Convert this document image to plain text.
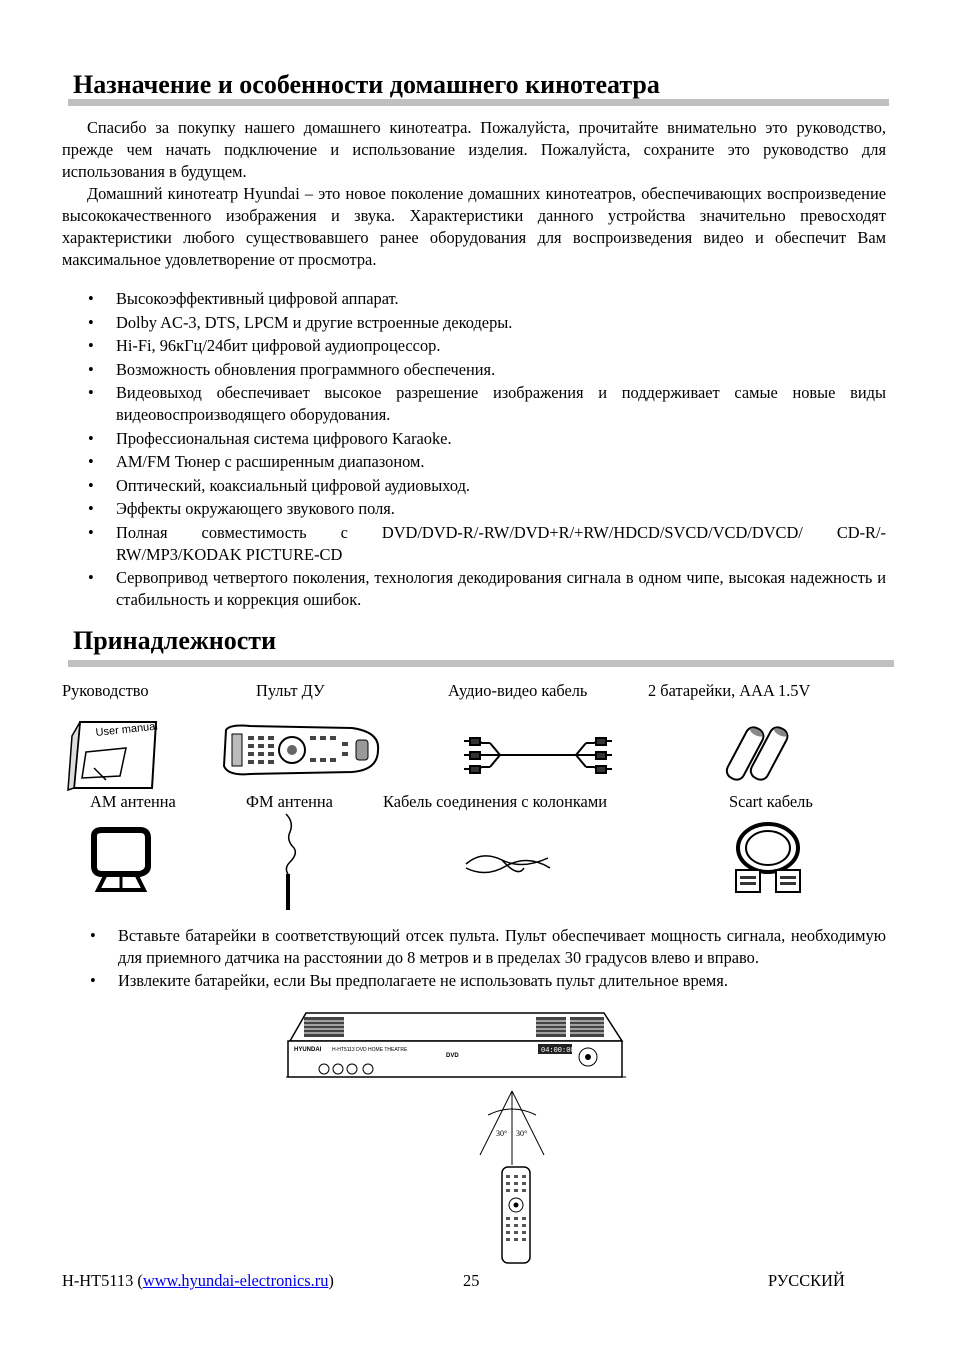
Назначение и особенности домашнего кинотеатра

Спасибо за покупку нашего домашнего кинотеатра. Пожалуйста, прочитайте внимательно это руководство, прежде чем начать подключение и использование изделия. Пожалуйста, сохраните это руководство для использования в будущем.

Домашний кинотеатр Hyundai – это новое поколение домашних кинотеатров, обеспечивающих воспроизведение высококачественного изображения и звука. Характеристики данного устройства значительно превосходят характеристики любого существовавшего ранее оборудования для воспроизведения видео и обеспечит Вам максимальное удовлетворение от просмотра.

• Высокоэффективный цифровой аппарат.
• Dolby AC-3, DTS, LPCM и другие встроенные декодеры.
• Hi-Fi, 96кГц/24бит цифровой аудиопроцессор.
• Возможность обновления программного обеспечения.
• Видеовыход обеспечивает высокое разрешение изображения и поддерживает самые новые виды видеовоспроизводящего оборудования.
• Профессиональная система цифрового Karaoke.
• AM/FM Тюнер с расширенным диапазоном.
• Оптический, коаксиальный цифровой аудиовыход.
• Эффекты окружающего звукового поля.
• Полная совместимость с DVD/DVD-R/-RW/DVD+R/+RW/HDCD/SVCD/VCD/DVCD/ CD-R/-RW/MP3/KODAK PICTURE-CD
• Сервопривод четвертого поколения, технология декодирования сигнала в одном чипе, высокая надежность и стабильность и коррекция ошибок.
Принадлежности
Руководство	Пульт ДУ	Аудио-видео кабель	2 батарейки, AAA 1.5V
User manual
AM антенна	ФМ антенна	Кабель соединения с колонками	Scart кабель
• Вставьте батарейки в соответствующий отсек пульта. Пульт обеспечивает мощность сигнала, необходимую для приемного датчика на расстоянии до 8 метров и в пределах 30 градусов влево и вправо.
• Извлеките батарейки, если Вы предполагаете не использовать пульт длительное время.
HYUNDAI H-HT5113 DVD HOME THEATRE
DVD
04:00:00
30° 30°
H-HT5113 (www.hyundai-electronics.ru)	25	РУССКИЙ
